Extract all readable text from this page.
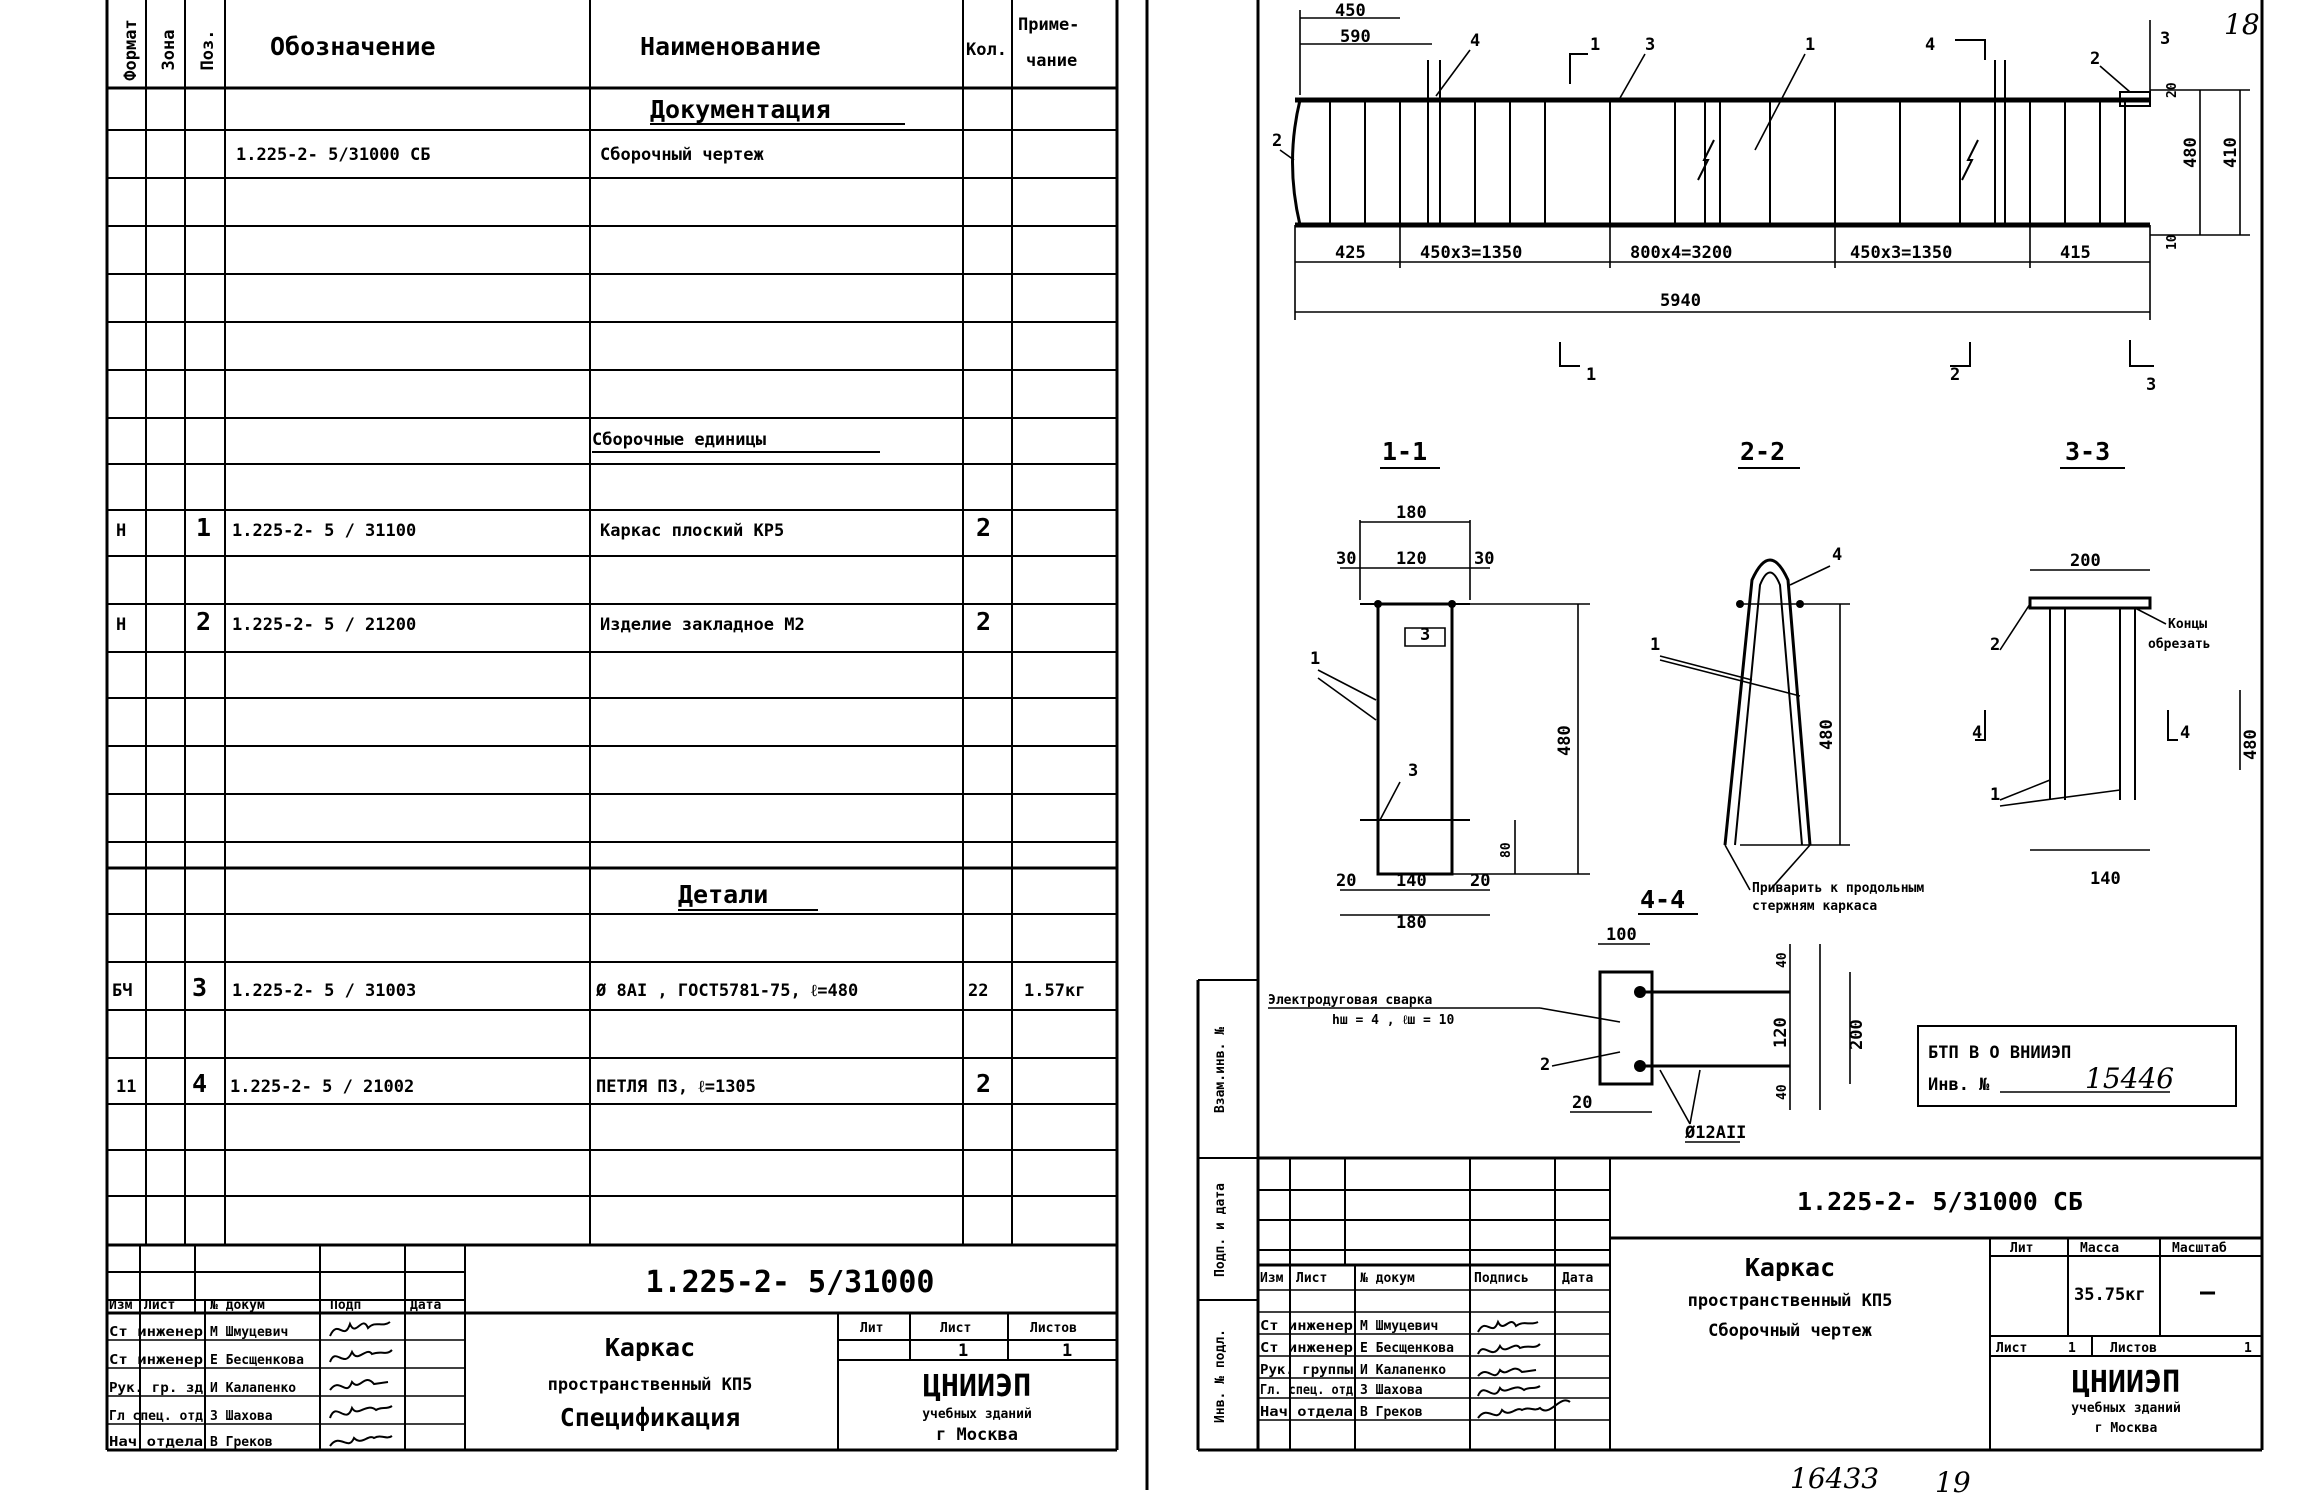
Формат Зона Поз. Обозначение	Наименование	Кол.
Приме-
чание
Документация
Сборочные единицы
Детали
1.225-2- 5/31000 СБ	Сборочный чертеж
Н	1 1.225-2- 5 / 31100	Каркас плоский КР5	2
Н	2 1.225-2- 5 / 21200	Изделие закладное М2	2
БЧ 3 1.225-2- 5 / 31003	Ø 8AI , ГОСТ5781-75, ℓ=480	22 1.57кг
11 4 1.225-2- 5 / 21002	ПЕТЛЯ П3, ℓ=1305	2
1.225-2- 5/31000
Изм Лист	№ докум	Подп	Дата
Ст инженер М Шмуцевич
Ст инженер Е Бесщенкова
Рук. гр. зд И Калапенко
Гл спец. отд З Шахова
Нач отдела В Греков
Каркас
пространственный КП5
Спецификация
Лит	Лист	Листов
1	1
ЦНИИЭП
учебных зданий
г Москва
Взам.инв. №
Подп. и дата
Инв. № подл.
18
450
590
2
4	1	3	1	4
2
3
480 410
20
10
425	450x3=1350	800x4=3200	450x3=1350	415
5940
1	2	3
1-1
180
30 120	30
3
1
3
480
80
20 140	20
180
2-2
4
1
480
Приварить к продольным
стержням каркаса
3-3
200
2
Концы
обрезать
1
4	4
140
480
4-4
100
40
120
40
200
20
Электродуговая сварка
hш = 4 , ℓш = 10
2
Ø12AII
БТП В О ВНИИЭП
Инв. №	15446
1.225-2- 5/31000 СБ
Изм Лист	№ докум	Подпись	Дата
Ст инженер М Шмуцевич
Ст инженер Е Бесщенкова
Рук. группы И Калапенко
Гл. спец. отд З Шахова
Нач отдела В Греков
Каркас
пространственный КП5
Сборочный чертеж
Лит	Масса	Масштаб
35.75кг —
Лист	1	Листов	1
ЦНИИЭП
учебных зданий
г Москва
16433 19
